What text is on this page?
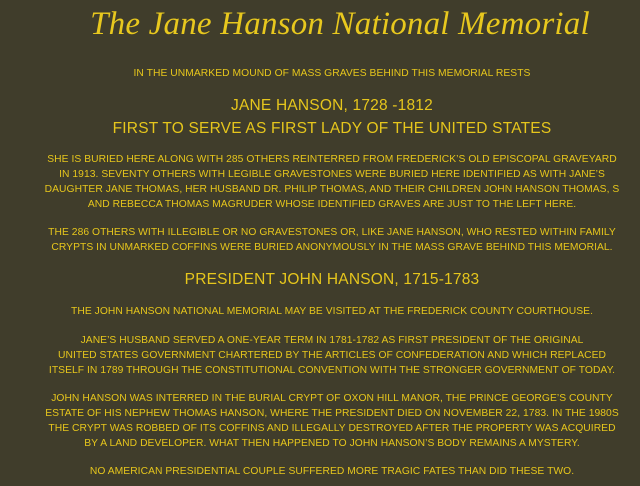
The Jane Hanson National Memorial
IN THE UNMARKED MOUND OF MASS GRAVES BEHIND THIS MEMORIAL RESTS
JANE HANSON, 1728 -1812
FIRST TO SERVE AS FIRST LADY OF THE UNITED STATES
SHE IS BURIED HERE ALONG WITH 285 OTHERS REINTERRED FROM FREDERICK’S OLD EPISCOPAL GRAVEYARD
IN 1913. SEVENTY OTHERS WITH LEGIBLE GRAVESTONES WERE BURIED HERE IDENTIFIED AS WITH JANE’S
DAUGHTER JANE THOMAS, HER HUSBAND DR. PHILIP THOMAS, AND THEIR CHILDREN JOHN HANSON THOMAS, S
AND REBECCA THOMAS MAGRUDER WHOSE IDENTIFIED GRAVES ARE JUST TO THE LEFT HERE.
THE 286 OTHERS WITH ILLEGIBLE OR NO GRAVESTONES OR, LIKE JANE HANSON, WHO RESTED WITHIN FAMILY
CRYPTS IN UNMARKED COFFINS WERE BURIED ANONYMOUSLY IN THE MASS GRAVE BEHIND THIS MEMORIAL.
PRESIDENT JOHN HANSON, 1715-1783
THE JOHN HANSON NATIONAL MEMORIAL MAY BE VISITED AT THE FREDERICK COUNTY COURTHOUSE.
JANE’S HUSBAND SERVED A ONE-YEAR TERM IN 1781-1782 AS FIRST PRESIDENT OF THE ORIGINAL
UNITED STATES GOVERNMENT CHARTERED BY THE ARTICLES OF CONFEDERATION AND WHICH REPLACED
ITSELF IN 1789 THROUGH THE CONSTITUTIONAL CONVENTION WITH THE STRONGER GOVERNMENT OF TODAY.
JOHN HANSON WAS INTERRED IN THE BURIAL CRYPT OF OXON HILL MANOR, THE PRINCE GEORGE’S COUNTY
ESTATE OF HIS NEPHEW THOMAS HANSON, WHERE THE PRESIDENT DIED ON NOVEMBER 22, 1783. IN THE 1980S
THE CRYPT WAS ROBBED OF ITS COFFINS AND ILLEGALLY DESTROYED AFTER THE PROPERTY WAS ACQUIRED
BY A LAND DEVELOPER. WHAT THEN HAPPENED TO JOHN HANSON’S BODY REMAINS A MYSTERY.
NO AMERICAN PRESIDENTIAL COUPLE SUFFERED MORE TRAGIC FATES THAN DID THESE TWO.
